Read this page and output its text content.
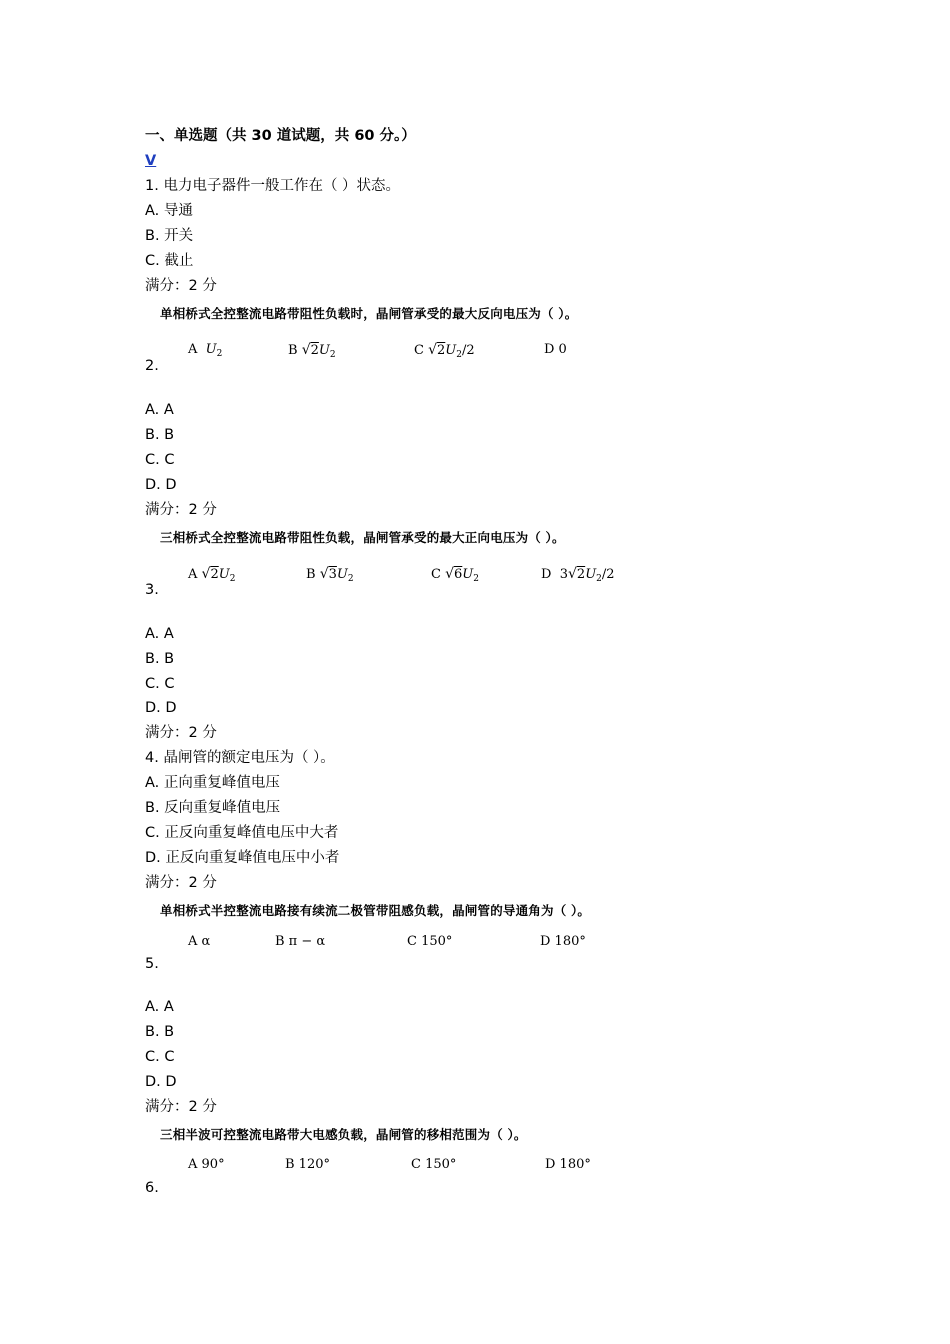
一、单选题（共 30 道试题，共 60 分。）
V
1. 电力电子器件一般工作在（ ）状态。
A. 导通
B. 开关
C. 截止
满分：2 分
单相桥式全控整流电路带阻性负载时，晶闸管承受的最大反向电压为（ ）。
A $U_2$	B $√2U_2$	C $√2U_2/2$	D 0
2.
A. A
B. B
C. C
D. D
满分：2 分
三相桥式全控整流电路带阻性负载，晶闸管承受的最大正向电压为（ ）。
A $√2U_2$	B $√3U_2$	C $√6U_2$	D  $3√2U_2/2$
3.
A. A
B. B
C. C
D. D
满分：2 分
4. 晶闸管的额定电压为（ ）。
A. 正向重复峰值电压
B. 反向重复峰值电压
C. 正反向重复峰值电压中大者
D. 正反向重复峰值电压中小者
满分：2 分
单相桥式半控整流电路接有续流二极管带阻感负载，晶闸管的导通角为（ ）。
A α	B π − α	C 150°	D 180°
5.
A. A
B. B
C. C
D. D
满分：2 分
三相半波可控整流电路带大电感负载，晶闸管的移相范围为（ ）。
A 90°	B 120°	C 150°	D 180°
6.
